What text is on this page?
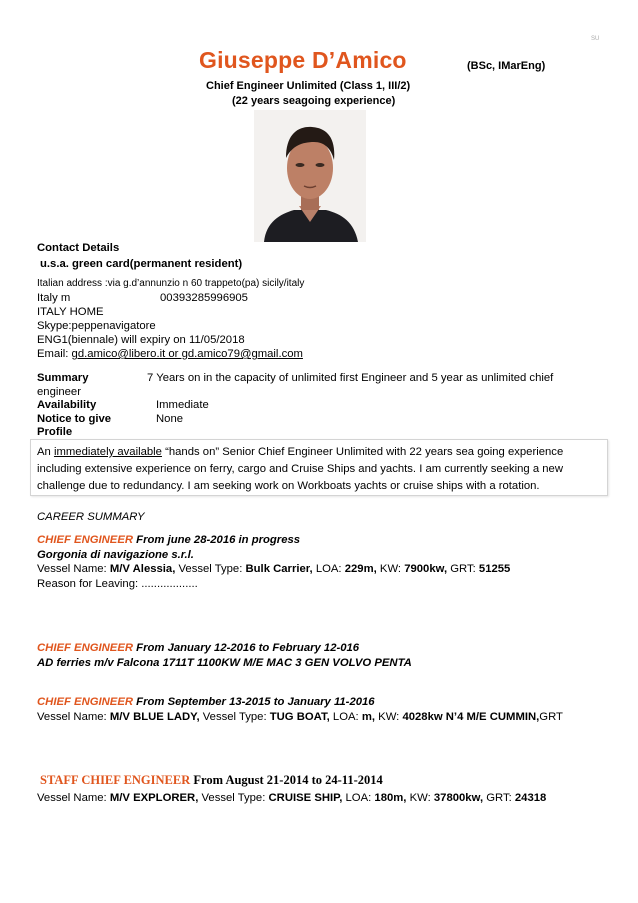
SU
Giuseppe D’Amico	(BSc, IMarEng)
Chief Engineer Unlimited (Class 1, III/2)
(22 years seagoing experience)
Contact Details
u.s.a. green card(permanent resident)
Italian address :via g.d’annunzio n 60 trappeto(pa) sicily/italy
Italy m	00393285996905
ITALY HOME
Skype:peppenavigatore
ENG1(biennale) will expiry on 11/05/2018
Email: gd.amico@libero.it or gd.amico79@gmail.com
Summary	7 Years on in the capacity of unlimited first Engineer and 5 year as unlimited chief
engineer
Availability	Immediate
Notice to give	None
Profile
An immediately available “hands on” Senior Chief Engineer Unlimited with 22 years sea going experience
including extensive experience on ferry, cargo and Cruise Ships and yachts. I am currently seeking a new
challenge due to redundancy. I am seeking work on Workboats yachts or cruise ships with a rotation.
CAREER SUMMARY
CHIEF ENGINEER From june 28-2016 in progress
Gorgonia di navigazione s.r.l.
Vessel Name: M/V Alessia, Vessel Type: Bulk Carrier, LOA: 229m, KW: 7900kw, GRT: 51255
Reason for Leaving: ..................
CHIEF ENGINEER From January 12-2016 to February 12-016
AD ferries m/v Falcona 1711T 1100KW M/E MAC 3 GEN VOLVO PENTA
CHIEF ENGINEER From September 13-2015 to January 11-2016
Vessel Name: M/V BLUE LADY, Vessel Type: TUG BOAT, LOA: m, KW: 4028kw N’4 M/E CUMMIN,GRT
STAFF CHIEF ENGINEER From August 21-2014 to 24-11-2014
Vessel Name: M/V EXPLORER, Vessel Type: CRUISE SHIP, LOA: 180m, KW: 37800kw, GRT: 24318
